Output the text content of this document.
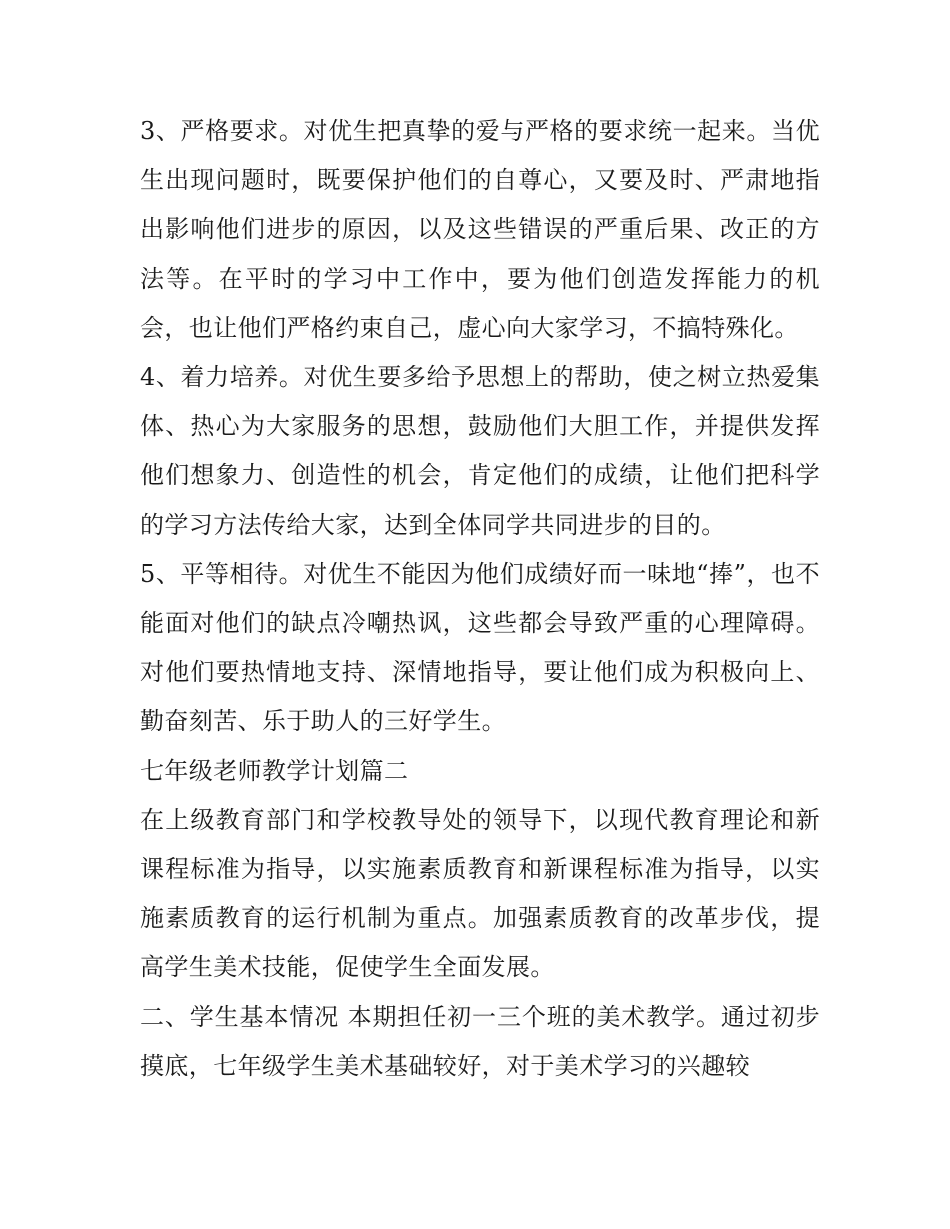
3、严格要求。对优生把真挚的爱与严格的要求统一起来。当优生出现问题时，既要保护他们的自尊心，又要及时、严肃地指出影响他们进步的原因，以及这些错误的严重后果、改正的方法等。在平时的学习中工作中，要为他们创造发挥能力的机会，也让他们严格约束自己，虚心向大家学习，不搞特殊化。

4、着力培养。对优生要多给予思想上的帮助，使之树立热爱集体、热心为大家服务的思想，鼓励他们大胆工作，并提供发挥他们想象力、创造性的机会，肯定他们的成绩，让他们把科学的学习方法传给大家，达到全体同学共同进步的目的。

5、平等相待。对优生不能因为他们成绩好而一味地“捧”，也不能面对他们的缺点冷嘲热讽，这些都会导致严重的心理障碍。对他们要热情地支持、深情地指导，要让他们成为积极向上、勤奋刻苦、乐于助人的三好学生。

七年级老师教学计划篇二

在上级教育部门和学校教导处的领导下，以现代教育理论和新课程标准为指导，以实施素质教育和新课程标准为指导，以实施素质教育的运行机制为重点。加强素质教育的改革步伐，提高学生美术技能，促使学生全面发展。

二、学生基本情况 本期担任初一三个班的美术教学。通过初步摸底，七年级学生美术基础较好，对于美术学习的兴趣较
